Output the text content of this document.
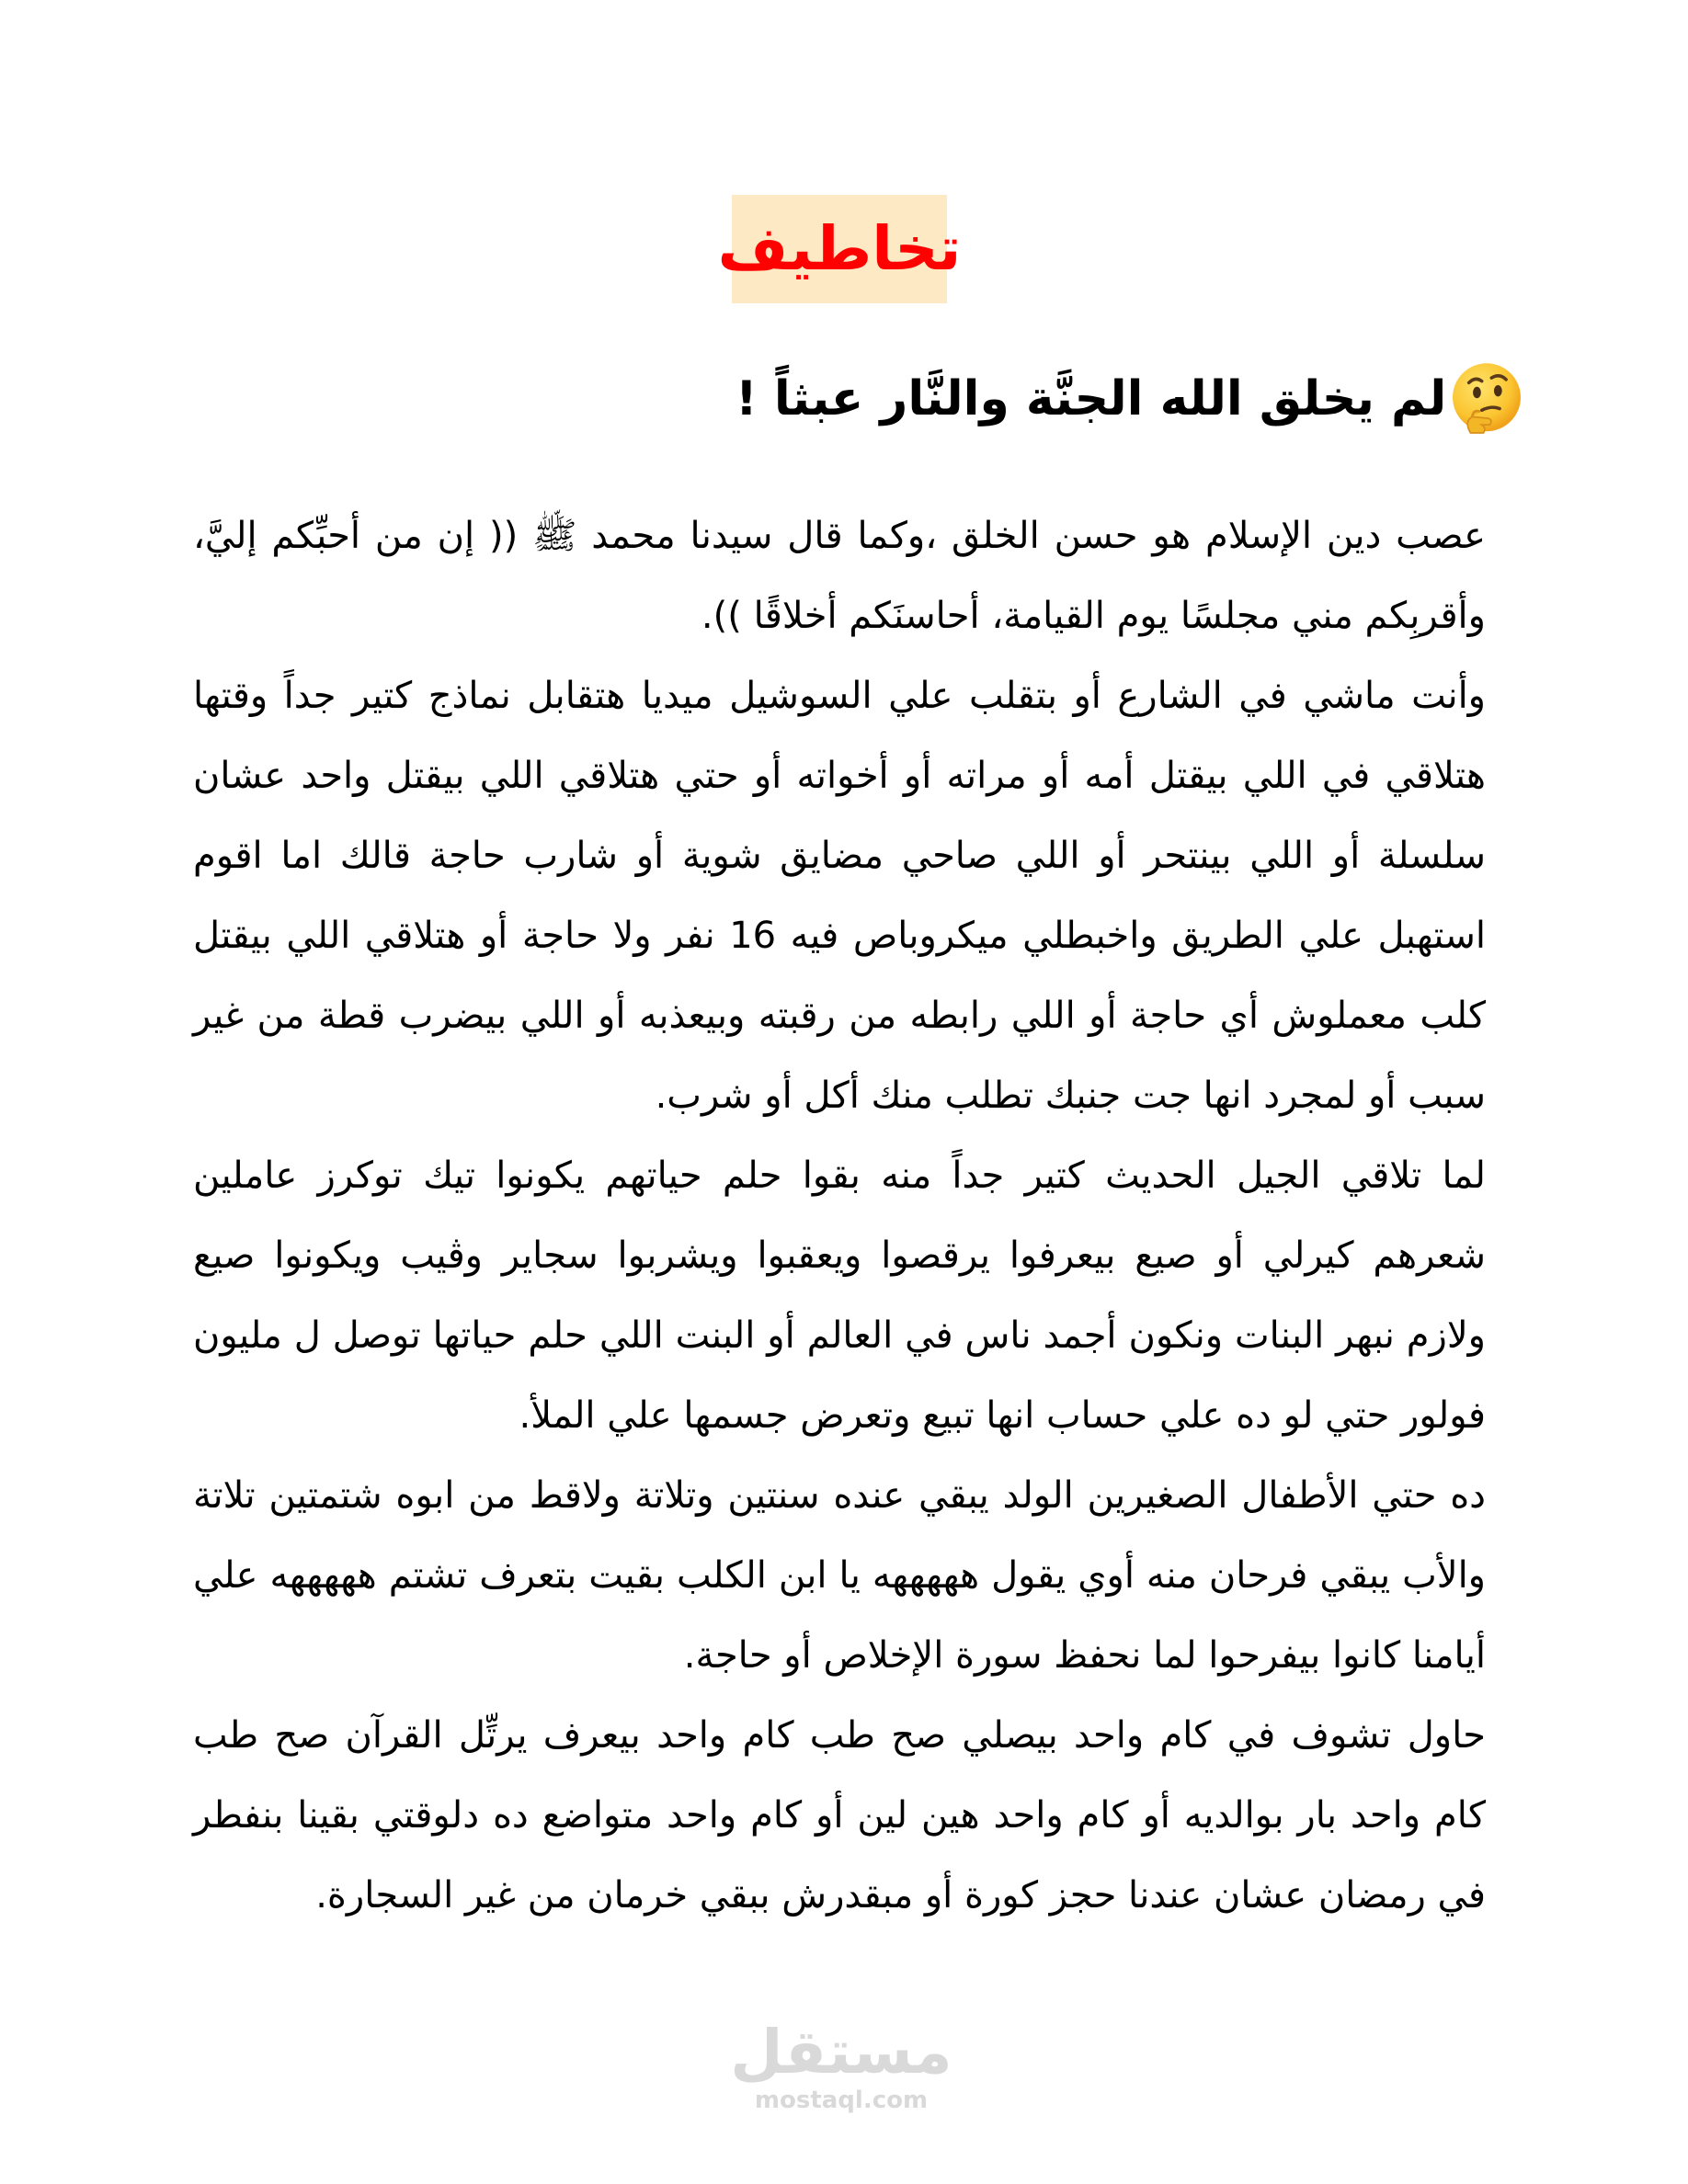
تخاطيف
لم يخلق الله الجنَّة والنَّار عبثاً !

عصب دين الإسلام هو حسن الخلق ،وكما قال سيدنا محمد ﷺ (( إن من أحبِّكم إليَّ، وأقربِكم مني مجلسًا يوم القيامة، أحاسنَكم أخلاقًا )).

وأنت ماشي في الشارع أو بتقلب علي السوشيل ميديا هتقابل نماذج كتير جداً وقتها هتلاقي في اللي بيقتل أمه أو مراته أو أخواته أو حتي هتلاقي اللي بيقتل واحد عشان سلسلة أو اللي بينتحر أو اللي صاحي مضايق شوية أو شارب حاجة قالك اما اقوم استهبل علي الطريق واخبطلي ميكروباص فيه 16 نفر ولا حاجة أو هتلاقي اللي بيقتل كلب معملوش أي حاجة أو اللي رابطه من رقبته وبيعذبه أو اللي بيضرب قطة من غير سبب أو لمجرد انها جت جنبك تطلب منك أكل أو شرب.

لما تلاقي الجيل الحديث كتير جداً منه بقوا حلم حياتهم يكونوا تيك توكرز عاملين شعرهم كيرلي أو صيع بيعرفوا يرقصوا ويعقبوا ويشربوا سجاير وڤيب ويكونوا صيع ولازم نبهر البنات ونكون أجمد ناس في العالم أو البنت اللي حلم حياتها توصل ل مليون فولور حتي لو ده علي حساب انها تبيع وتعرض جسمها علي الملأ.

ده حتي الأطفال الصغيرين الولد يبقي عنده سنتين وتلاتة ولاقط من ابوه شتمتين تلاتة والأب يبقي فرحان منه أوي يقول هههههه يا ابن الكلب بقيت بتعرف تشتم هههههه علي أيامنا كانوا بيفرحوا لما نحفظ سورة الإخلاص أو حاجة.

حاول تشوف في كام واحد بيصلي صح طب كام واحد بيعرف يرتِّل القرآن صح طب كام واحد بار بوالديه أو كام واحد هين لين أو كام واحد متواضع ده دلوقتي بقينا بنفطر في رمضان عشان عندنا حجز كورة أو مبقدرش ببقي خرمان من غير السجارة.

مستقل
mostaql.com
